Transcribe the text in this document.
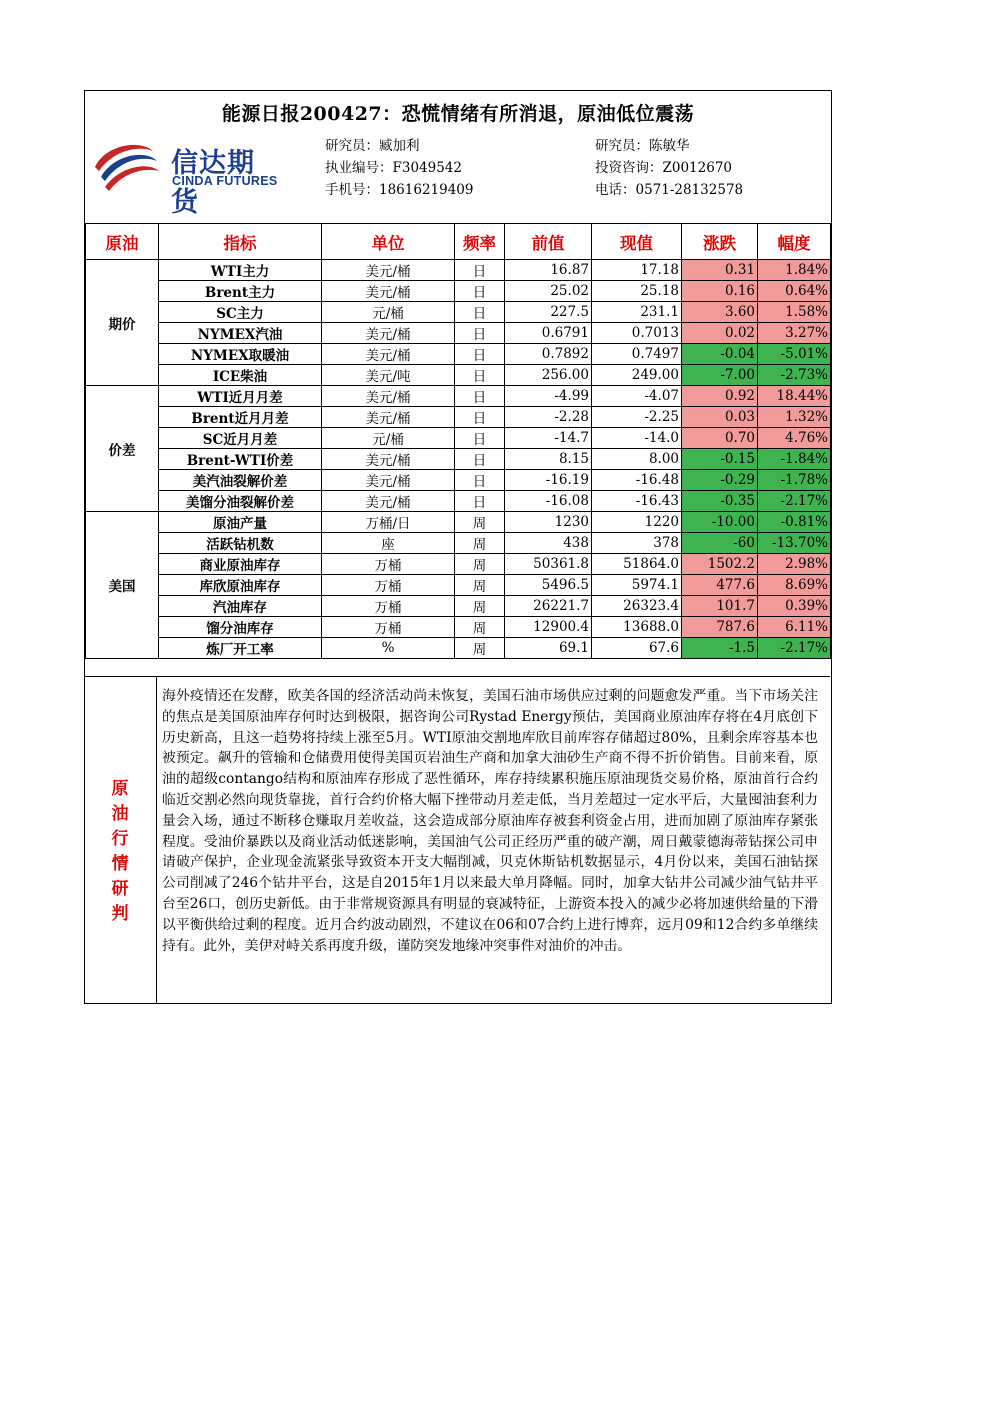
能源日报200427：恐慌情绪有所消退，原油低位震荡
信达期货
CINDA FUTURES
研究员：臧加利
执业编号：F3049542
手机号：18616219409
研究员：陈敏华
投资咨询：Z0012670
电话：0571-28132578
原油	指标	单位	频率	前值	现值	涨跌	幅度
期价	WTI主力	美元/桶	日	16.87	17.18	0.31	1.84%
	Brent主力	美元/桶	日	25.02	25.18	0.16	0.64%
	SC主力	元/桶	日	227.5	231.1	3.60	1.58%
	NYMEX汽油	美元/桶	日	0.6791	0.7013	0.02	3.27%
	NYMEX取暖油	美元/桶	日	0.7892	0.7497	-0.04	-5.01%
	ICE柴油	美元/吨	日	256.00	249.00	-7.00	-2.73%
价差	WTI近月月差	美元/桶	日	-4.99	-4.07	0.92	18.44%
	Brent近月月差	美元/桶	日	-2.28	-2.25	0.03	1.32%
	SC近月月差	元/桶	日	-14.7	-14.0	0.70	4.76%
	Brent-WTI价差	美元/桶	日	8.15	8.00	-0.15	-1.84%
	美汽油裂解价差	美元/桶	日	-16.19	-16.48	-0.29	-1.78%
	美馏分油裂解价差	美元/桶	日	-16.08	-16.43	-0.35	-2.17%
美国	原油产量	万桶/日	周	1230	1220	-10.00	-0.81%
	活跃钻机数	座	周	438	378	-60	-13.70%
	商业原油库存	万桶	周	50361.8	51864.0	1502.2	2.98%
	库欣原油库存	万桶	周	5496.5	5974.1	477.6	8.69%
	汽油库存	万桶	周	26221.7	26323.4	101.7	0.39%
	馏分油库存	万桶	周	12900.4	13688.0	787.6	6.11%
	炼厂开工率	%	周	69.1	67.6	-1.5	-2.17%
原
油
行
情
研
判
海外疫情还在发酵，欧美各国的经济活动尚未恢复，美国石油市场供应过剩的问题愈发严重。当下市场关注的焦点是美国原油库存何时达到极限，据咨询公司Rystad Energy预估，美国商业原油库存将在4月底创下历史新高，且这一趋势将持续上涨至5月。WTI原油交割地库欣目前库容存储超过80%，且剩余库容基本也被预定。飙升的管输和仓储费用使得美国页岩油生产商和加拿大油砂生产商不得不折价销售。目前来看，原油的超级contango结构和原油库存形成了恶性循环，库存持续累积施压原油现货交易价格，原油首行合约临近交割必然向现货靠拢，首行合约价格大幅下挫带动月差走低，当月差超过一定水平后，大量囤油套利力量会入场，通过不断移仓赚取月差收益，这会造成部分原油库存被套利资金占用，进而加剧了原油库存紧张程度。受油价暴跌以及商业活动低迷影响，美国油气公司正经历严重的破产潮，周日戴蒙德海蒂钻探公司申请破产保护，企业现金流紧张导致资本开支大幅削减，贝克休斯钻机数据显示，4月份以来，美国石油钻探公司削减了246个钻井平台，这是自2015年1月以来最大单月降幅。同时，加拿大钻井公司减少油气钻井平台至26口，创历史新低。由于非常规资源具有明显的衰减特征，上游资本投入的减少必将加速供给量的下滑以平衡供给过剩的程度。近月合约波动剧烈，不建议在06和07合约上进行博弈，远月09和12合约多单继续持有。此外，美伊对峙关系再度升级，谨防突发地缘冲突事件对油价的冲击。
